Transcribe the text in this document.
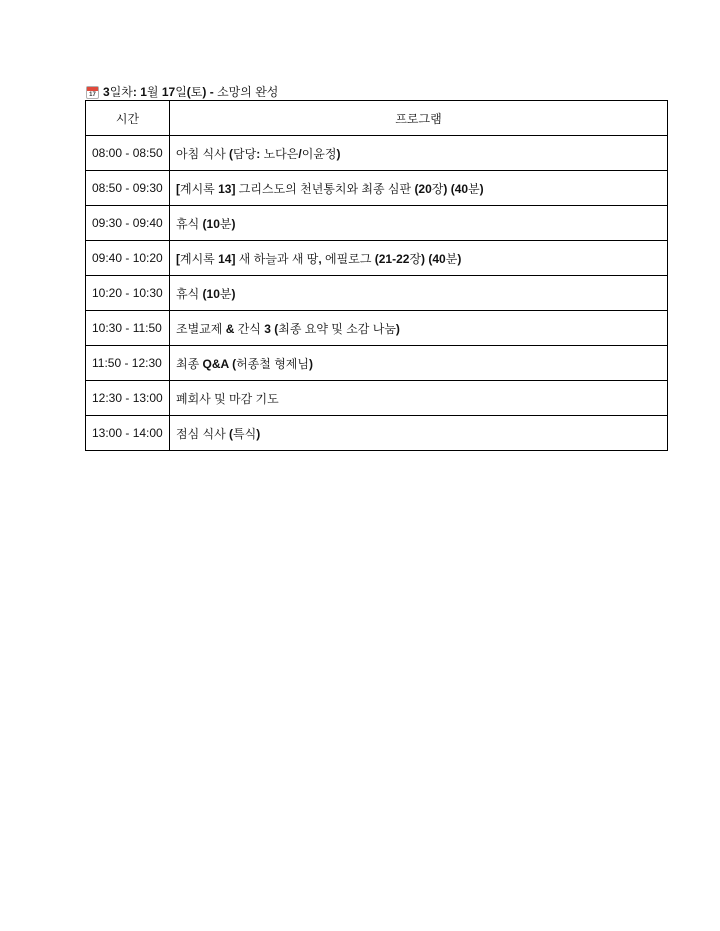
17 3 일차 :
1 월
17 일 ( 토 )
-
소망의 완성
시간	프로그램
08:00 - 08:50	아침 식사 (담당: 노다은/이윤정)
08:50 - 09:30	[계시록 13] 그리스도의 천년통치와 최종 심판 (20장) (40분)
09:30 - 09:40	휴식 (10분)
09:40 - 10:20	[계시록 14] 새 하늘과 새 땅, 에필로그 (21-22장) (40분)
10:20 - 10:30	휴식 (10분)
10:30 - 11:50	조별교제 & 간식 3 (최종 요약 및 소감 나눔)
11:50 - 12:30	최종 Q&A (허종철 형제님)
12:30 - 13:00	폐회사 및 마감 기도
13:00 - 14:00	점심 식사 (특식)
